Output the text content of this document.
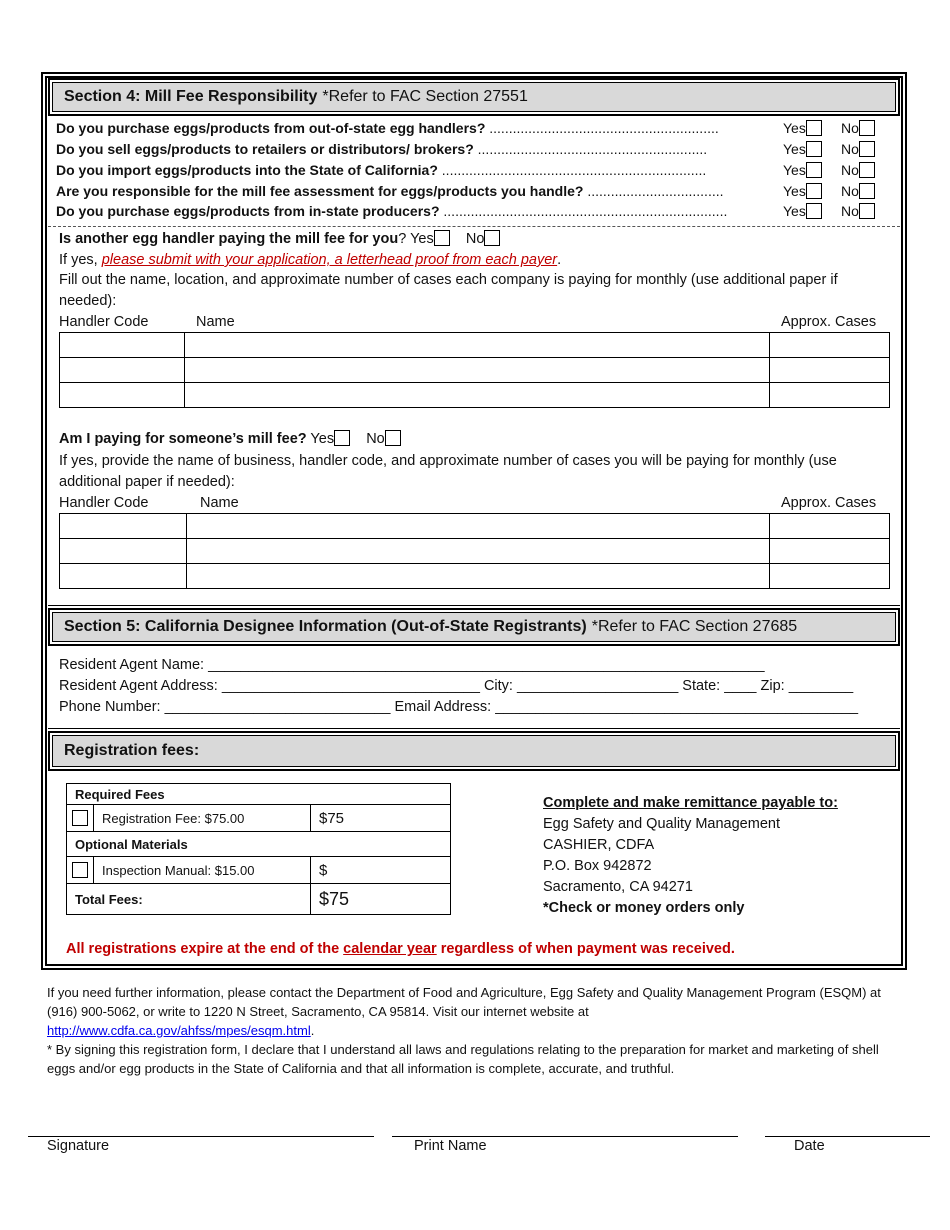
Section 4: Mill Fee Responsibility *Refer to FAC Section 27551
Do you purchase eggs/products from out-of-state egg handlers? ...........................................................	Yes	No
Do you sell eggs/products to retailers or distributors/ brokers? ...........................................................	Yes	No
Do you import eggs/products into the State of California? ....................................................................	Yes	No
Are you responsible for the mill fee assessment for eggs/products you handle? ...................................	Yes	No
Do you purchase eggs/products from in-state producers? .........................................................................	Yes	No
Is another egg handler paying the mill fee for you? Yes No
If yes, please submit with your application, a letterhead proof from each payer.
Fill out the name, location, and approximate number of cases each company is paying for monthly (use additional paper if needed):
Handler Code	Name	Approx. Cases

Am I paying for someone’s mill fee? Yes No
If yes, provide the name of business, handler code, and approximate number of cases you will be paying for monthly (use additional paper if needed):
Handler Code	Name	Approx. Cases

Section 5: California Designee Information (Out-of-State Registrants) *Refer to FAC Section 27685
Resident Agent Name: _____________________________________________________________________
Resident Agent Address: ________________________________ City: ____________________ State: ____ Zip: ________
Phone Number: ____________________________ Email Address: _____________________________________________
Registration fees:
Required Fees		
	Registration Fee: $75.00	$75
Optional Materials		
	Inspection Manual: $15.00	$
Total Fees:		$75
Complete and make remittance payable to:
Egg Safety and Quality Management
CASHIER, CDFA
P.O. Box 942872
Sacramento, CA 94271
*Check or money orders only
All registrations expire at the end of the calendar year regardless of when payment was received.
If you need further information, please contact the Department of Food and Agriculture, Egg Safety and Quality Management Program (ESQM) at (916) 900-5062, or write to 1220 N Street, Sacramento, CA 95814. Visit our internet website at
http://www.cdfa.ca.gov/ahfss/mpes/esqm.html.
* By signing this registration form, I declare that I understand all laws and regulations relating to the preparation for market and marketing of shell eggs and/or egg products in the State of California and that all information is complete, accurate, and truthful.
Signature	Print Name	Date
